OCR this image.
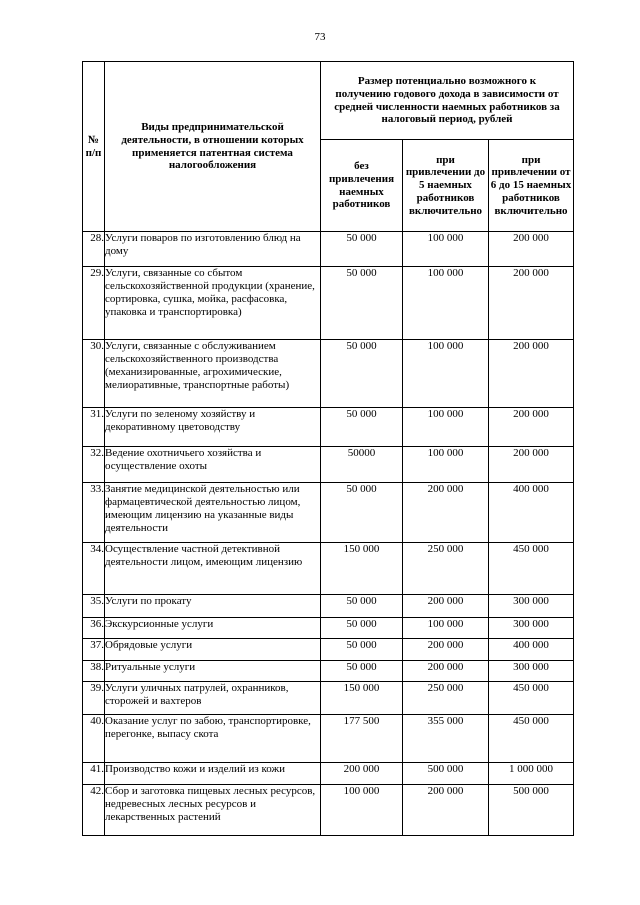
73
№ п/п	Виды предпринимательской деятельности, в отношении которых применяется патентная система налогообложения	Размер потенциально возможного к получению годового дохода в зависимости от средней численности наемных работников за налоговый период, рублей		
		без привлечения наемных работников	при привлечении до 5 наемных работников включительно	при привлечении от 6 до 15 наемных работников включительно
28.	Услуги поваров по изготовлению блюд на дому	50 000	100 000	200 000
29.	Услуги, связанные со сбытом сельскохозяйственной продукции (хранение, сортировка, сушка, мойка, расфасовка, упаковка и транспортировка)	50 000	100 000	200 000
30.	Услуги, связанные с обслуживанием сельскохозяйственного производства (механизированные, агрохимические, мелиоративные, транспортные работы)	50 000	100 000	200 000
31.	Услуги по зеленому хозяйству и декоративному цветоводству	50 000	100 000	200 000
32.	Ведение охотничьего хозяйства и осуществление охоты	50000	100 000	200 000
33.	Занятие медицинской деятельностью или фармацевтической деятельностью лицом, имеющим лицензию на указанные виды деятельности	50 000	200 000	400 000
34.	Осуществление частной детективной деятельности лицом, имеющим лицензию	150 000	250 000	450 000
35.	Услуги по прокату	50 000	200 000	300 000
36.	Экскурсионные услуги	50 000	100 000	300 000
37.	Обрядовые услуги	50 000	200 000	400 000
38.	Ритуальные услуги	50 000	200 000	300 000
39.	Услуги уличных патрулей, охранников, сторожей и вахтеров	150 000	250 000	450 000
40.	Оказание услуг по забою, транспортировке, перегонке, выпасу скота	177 500	355 000	450 000
41.	Производство кожи и изделий из кожи	200 000	500 000	1 000 000
42.	Сбор и заготовка пищевых лесных ресурсов, недревесных лесных ресурсов и лекарственных растений	100 000	200 000	500 000
